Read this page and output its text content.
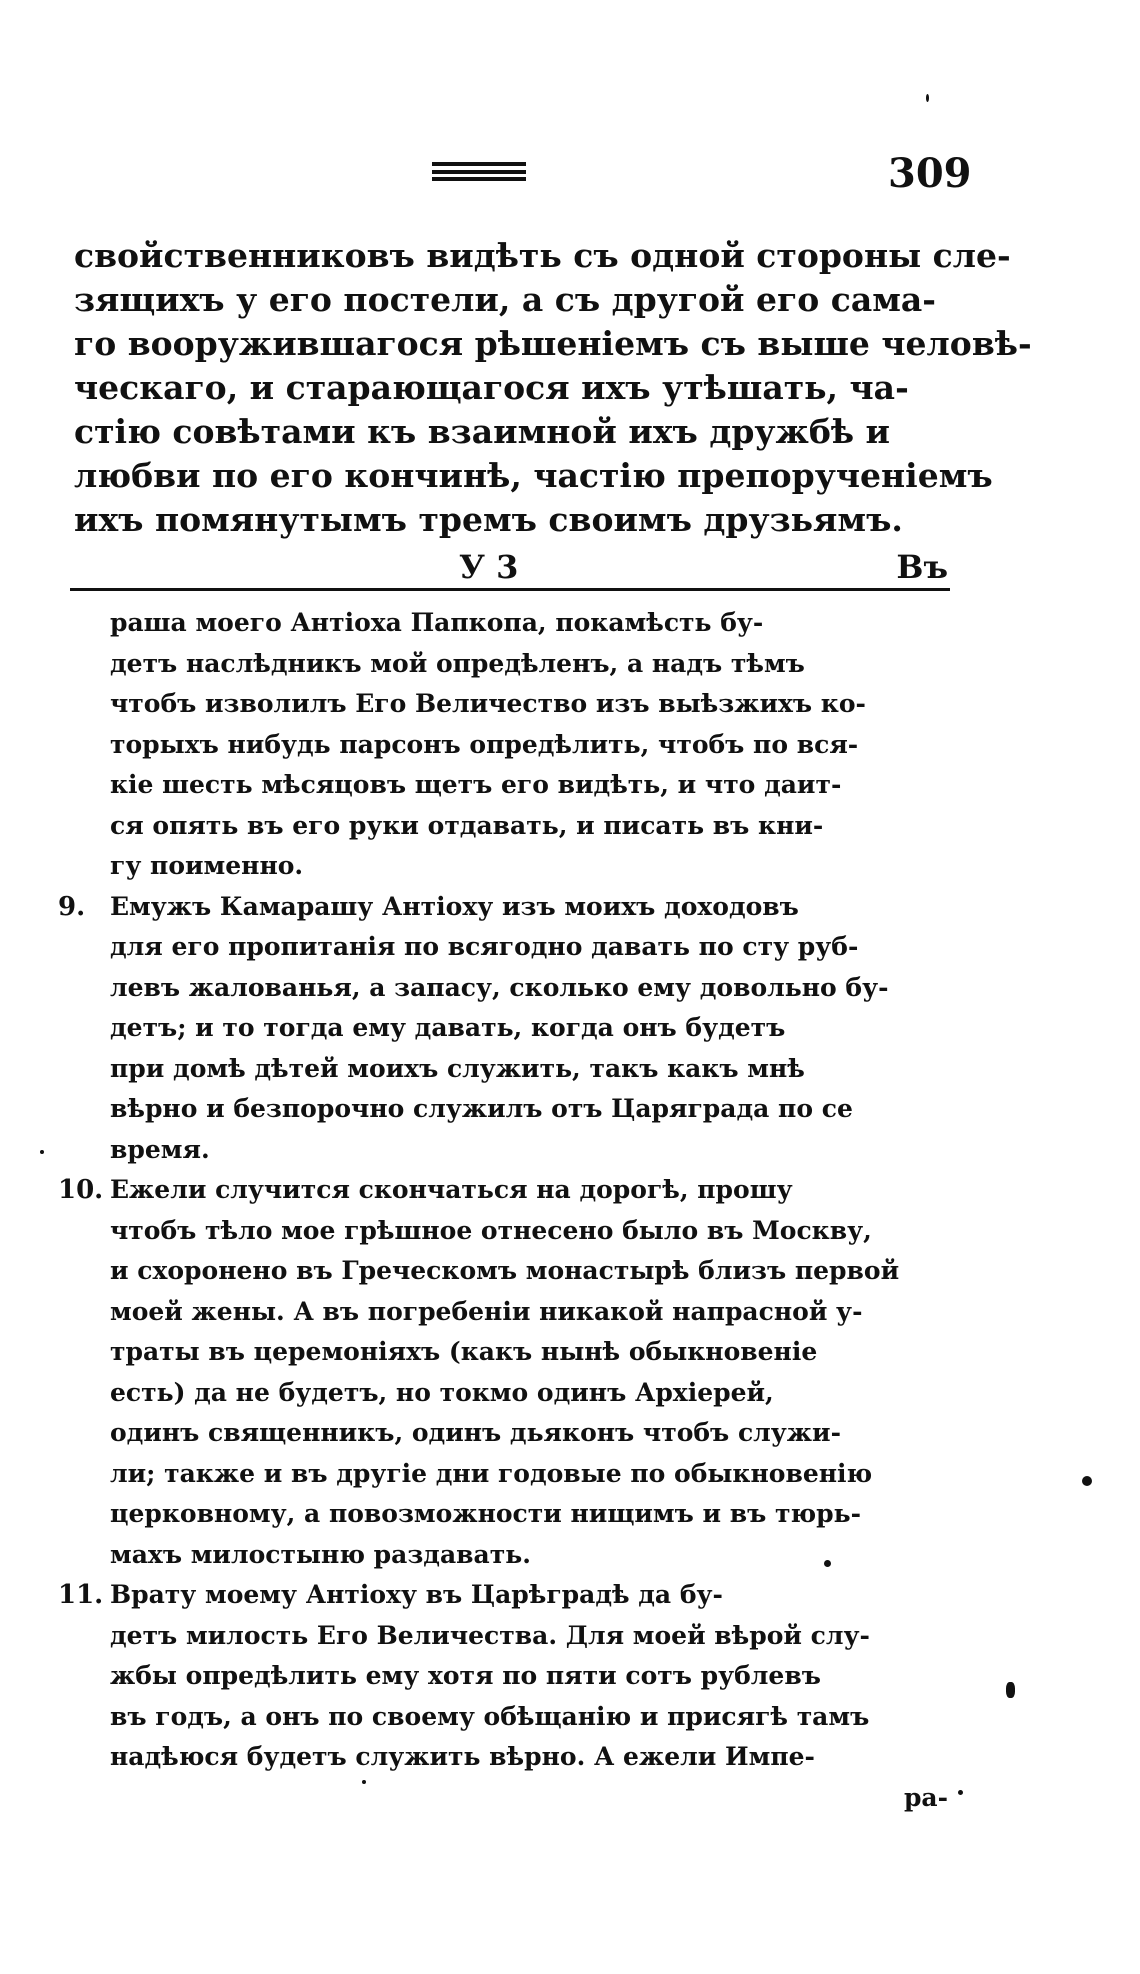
309
свойственниковъ видѣть съ одной стороны сле-
зящихъ у его постели, а съ другой его сама-
го вооружившагося рѣшеніемъ съ выше человѣ-
ческаго, и старающагося ихъ утѣшать, ча-
стію совѣтами къ взаимной ихъ дружбѣ и
любви по его кончинѣ, частію препорученіемъ
ихъ помянутымъ тремъ своимъ друзьямъ.
У 3	Въ
раша моего Антіоха Папкопа, покамѣсть бу-
детъ наслѣдникъ мой опредѣленъ, а надъ тѣмъ
чтобъ изволилъ Его Величество изъ выѣзжихъ ко-
торыхъ нибудь парсонъ опредѣлить, чтобъ по вся-
кіе шесть мѣсяцовъ щетъ его видѣть, и что даит-
ся опять въ его руки отдавать, и писать въ кни-
гу поименно.
9. Емужъ Камарашу Антіоху изъ моихъ доходовъ
для его пропитанія по всягодно давать по сту руб-
левъ жалованья, а запасу, сколько ему довольно бу-
детъ; и то тогда ему давать, когда онъ будетъ
при домѣ дѣтей моихъ служить, такъ какъ мнѣ
вѣрно и безпорочно служилъ отъ Царяграда по се
время.
10. Ежели случится скончаться на дорогѣ, прошу
чтобъ тѣло мое грѣшное отнесено было въ Москву,
и схоронено въ Греческомъ монастырѣ близъ первой
моей жены. А въ погребеніи никакой напрасной у-
траты въ церемоніяхъ (какъ нынѣ обыкновеніе
есть) да не будетъ, но токмо одинъ Архіерей,
одинъ священникъ, одинъ дьяконъ чтобъ служи-
ли; также и въ другіе дни годовые по обыкновенію
церковному, а повозможности нищимъ и въ тюрь-
махъ милостыню раздавать.
11. Врату моему Антіоху въ Царѣградѣ да бу-
детъ милость Его Величества. Для моей вѣрой слу-
жбы опредѣлить ему хотя по пяти сотъ рублевъ
въ годъ, а онъ по своему обѣщанію и присягѣ тамъ
надѣюся будетъ служить вѣрно. А ежели Импе-
ра-
